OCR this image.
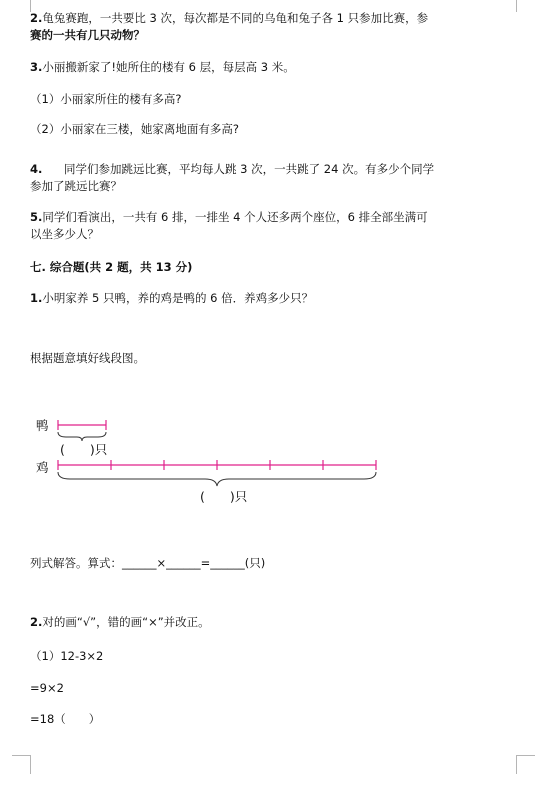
2.龟兔赛跑，一共要比 3 次，每次都是不同的乌龟和兔子各 1 只参加比赛，参
赛的一共有几只动物？
3.小丽搬新家了!她所住的楼有 6 层，每层高 3 米。
（1）小丽家所住的楼有多高?
（2）小丽家在三楼，她家离地面有多高?
4. 同学们参加跳远比赛，平均每人跳 3 次，一共跳了 24 次。有多少个同学
参加了跳远比赛？
5.同学们看演出，一共有 6 排，一排坐 4 个人还多两个座位，6 排全部坐满可
以坐多少人？
七. 综合题(共 2 题，共 13 分)
1.小明家养 5 只鸭，养的鸡是鸭的 6 倍．养鸡多少只？
根据题意填好线段图。
鸭
(　　)只
鸡
(　　)只
列式解答。算式：______×______=______(只)
2.对的画“√”，错的画“×”并改正。
（1）12-3×2
=9×2
=18（　　）
